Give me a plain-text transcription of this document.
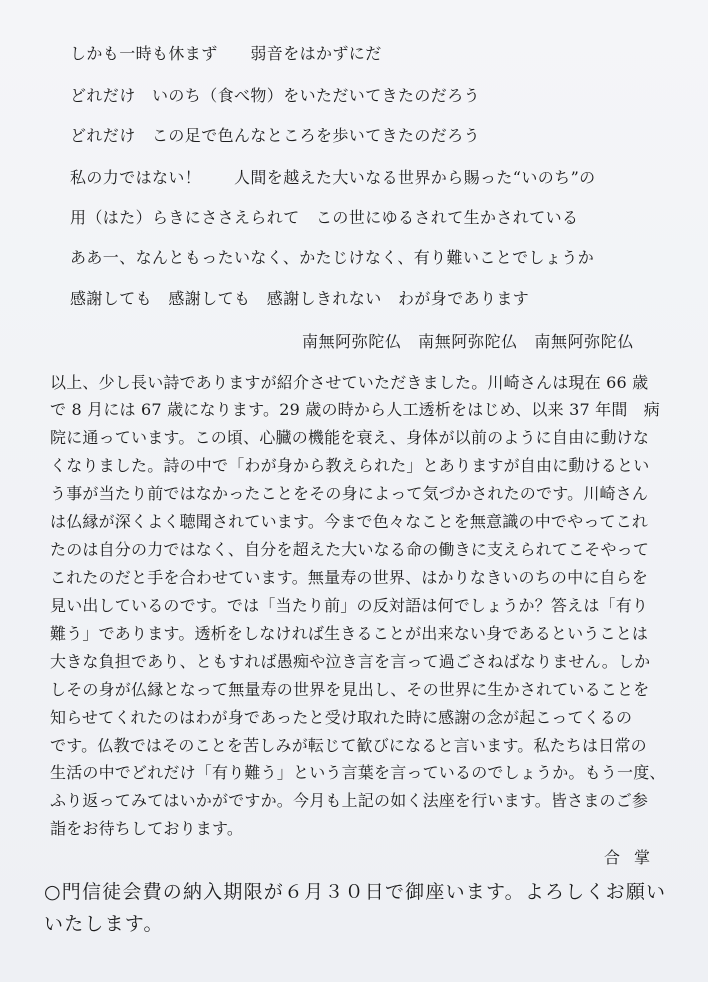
しかも一時も休まず　　弱音をはかずにだ
どれだけ　いのち（食べ物）をいただいてきたのだろう
どれだけ　この足で色んなところを歩いてきたのだろう
私の力ではない！　　人間を越えた大いなる世界から賜った“いのち”の
用（はた）らきにささえられて　この世にゆるされて生かされている
ああ一、なんともったいなく、かたじけなく、有り難いことでしょうか
感謝しても　感謝しても　感謝しきれない　わが身であります
南無阿弥陀仏　南無阿弥陀仏　南無阿弥陀仏
以上、少し長い詩でありますが紹介させていただきました。川崎さんは現在 66 歳
で 8 月には 67 歳になります。29 歳の時から人工透析をはじめ、以来 37 年間　病
院に通っています。この頃、心臓の機能を衰え、身体が以前のように自由に動けな
くなりました。詩の中で「わが身から教えられた」とありますが自由に動けるとい
う事が当たり前ではなかったことをその身によって気づかされたのです。川崎さん
は仏縁が深くよく聴聞されています。今まで色々なことを無意識の中でやってこれ
たのは自分の力ではなく、自分を超えた大いなる命の働きに支えられてこそやって
これたのだと手を合わせています。無量寿の世界、はかりなきいのちの中に自らを
見い出しているのです。では「当たり前」の反対語は何でしょうか？答えは「有り
難う」であります。透析をしなければ生きることが出来ない身であるということは
大きな負担であり、ともすれば愚痴や泣き言を言って過ごさねばなりません。しか
しその身が仏縁となって無量寿の世界を見出し、その世界に生かされていることを
知らせてくれたのはわが身であったと受け取れた時に感謝の念が起こってくるの
です。仏教ではそのことを苦しみが転じて歓びになると言います。私たちは日常の
生活の中でどれだけ「有り難う」という言葉を言っているのでしょうか。もう一度、
ふり返ってみてはいかがですか。今月も上記の如く法座を行います。皆さまのご参
詣をお待ちしております。
合掌
○門信徒会費の納入期限が６月３０日で御座います。よろしくお願い
いたします。
